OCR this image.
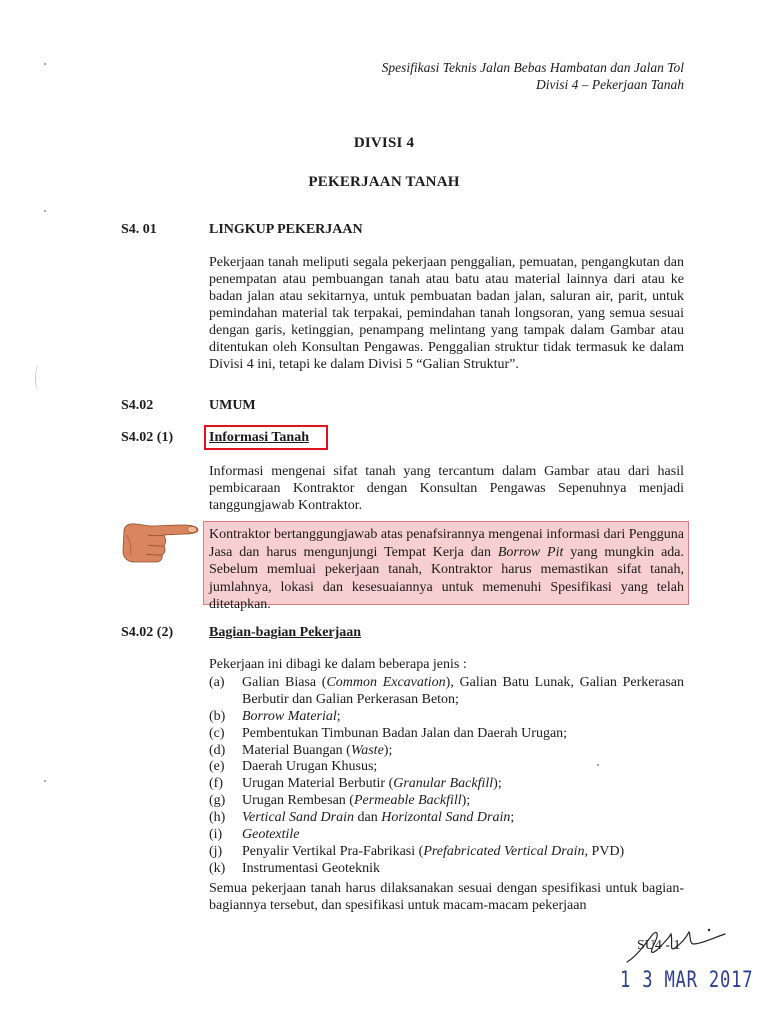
Spesifikasi Teknis Jalan Bebas Hambatan dan Jalan Tol
Divisi 4 – Pekerjaan Tanah
DIVISI 4
PEKERJAAN TANAH
S4. 01	LINGKUP PEKERJAAN
Pekerjaan tanah meliputi segala pekerjaan penggalian, pemuatan, pengangkutan dan penempatan atau pembuangan tanah atau batu atau material lainnya dari atau ke badan jalan atau sekitarnya, untuk pembuatan badan jalan, saluran air, parit, untuk pemindahan material tak terpakai, pemindahan tanah longsoran, yang semua sesuai dengan garis, ketinggian, penampang melintang yang tampak dalam Gambar atau ditentukan oleh Konsultan Pengawas. Penggalian struktur tidak termasuk ke dalam Divisi 4 ini, tetapi ke dalam Divisi 5 “Galian Struktur”.
S4.02	UMUM
S4.02 (1)	Informasi Tanah
Informasi mengenai sifat tanah yang tercantum dalam Gambar atau dari hasil pembicaraan Kontraktor dengan Konsultan Pengawas Sepenuhnya menjadi tanggungjawab Kontraktor.
Kontraktor bertanggungjawab atas penafsirannya mengenai informasi dari Pengguna Jasa dan harus mengunjungi Tempat Kerja dan Borrow Pit yang mungkin ada. Sebelum memluai pekerjaan tanah, Kontraktor harus memastikan sifat tanah, jumlahnya, lokasi dan kesesuaiannya untuk memenuhi Spesifikasi yang telah ditetapkan.
S4.02 (2)	Bagian-bagian Pekerjaan
Pekerjaan ini dibagi ke dalam beberapa jenis :
(a) Galian Biasa (Common Excavation), Galian Batu Lunak, Galian Perkerasan Berbutir dan Galian Perkerasan Beton;
(b) Borrow Material;
(c) Pembentukan Timbunan Badan Jalan dan Daerah Urugan;
(d) Material Buangan (Waste);
(e) Daerah Urugan Khusus;
(f) Urugan Material Berbutir (Granular Backfill);
(g) Urugan Rembesan (Permeable Backfill);
(h) Vertical Sand Drain dan Horizontal Sand Drain;
(i) Geotextile
(j) Penyalir Vertikal Pra-Fabrikasi (Prefabricated Vertical Drain, PVD)
(k) Instrumentasi Geoteknik
Semua pekerjaan tanah harus dilaksanakan sesuai dengan spesifikasi untuk bagian-bagiannya tersebut, dan spesifikasi untuk macam-macam pekerjaan
SU4 - 1
1 3 MAR 2017
